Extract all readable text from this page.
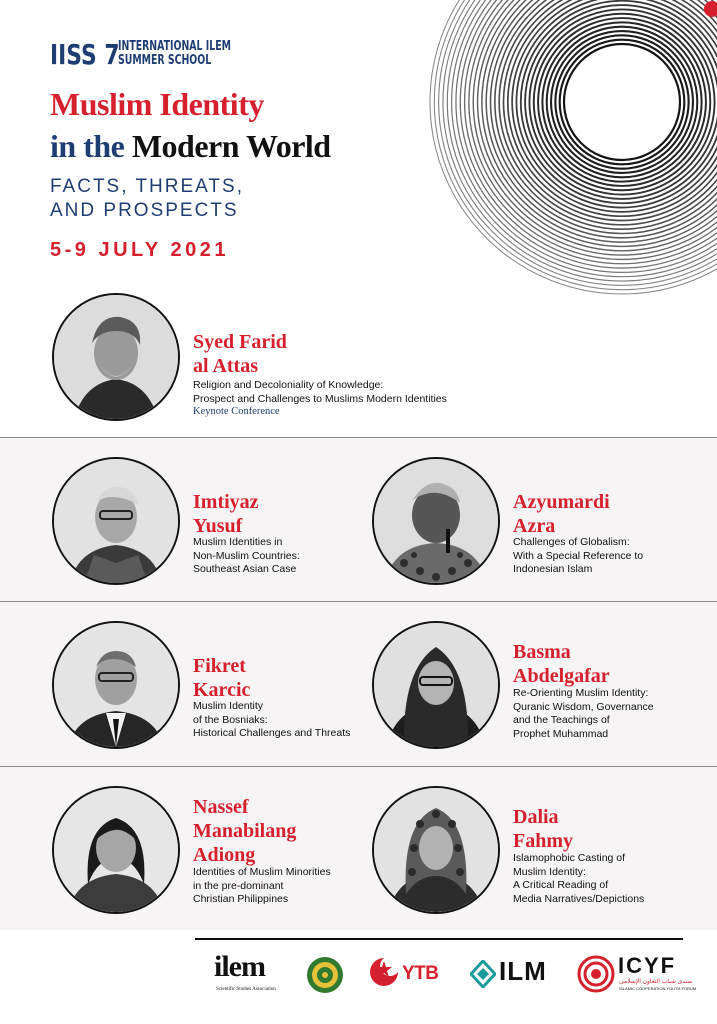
IISS 7
INTERNATIONAL ILEM
SUMMER SCHOOL
Muslim Identity
in the Modern World
FACTS, THREATS,
AND PROSPECTS
5-9 JULY 2021
Syed Farid
al Attas
Religion and Decoloniality of Knowledge:
Prospect and Challenges to Muslims Modern Identities
Keynote Conference
Imtiyaz
Yusuf
Muslim Identities in
Non-Muslim Countries:
Southeast Asian Case
Azyumardi
Azra
Challenges of Globalism:
With a Special Reference to
Indonesian Islam
Fikret
Karcic
Muslim Identity
of the Bosniaks:
Historical Challenges and Threats
Basma
Abdelgafar
Re-Orienting Muslim Identity:
Quranic Wisdom, Governance
and the Teachings of
Prophet Muhammad
Nassef
Manabilang
Adiong
Identities of Muslim Minorities
in the pre-dominant
Christian Philippines
Dalia
Fahmy
Islamophobic Casting of
Muslim Identity:
A Critical Reading of
Media Narratives/Depictions
ilem
Scientific Studies Association
YTB ILM	ICYF
منتدى شباب التعاون الإسلامي
ISLAMIC COOPERATION YOUTH FORUM
